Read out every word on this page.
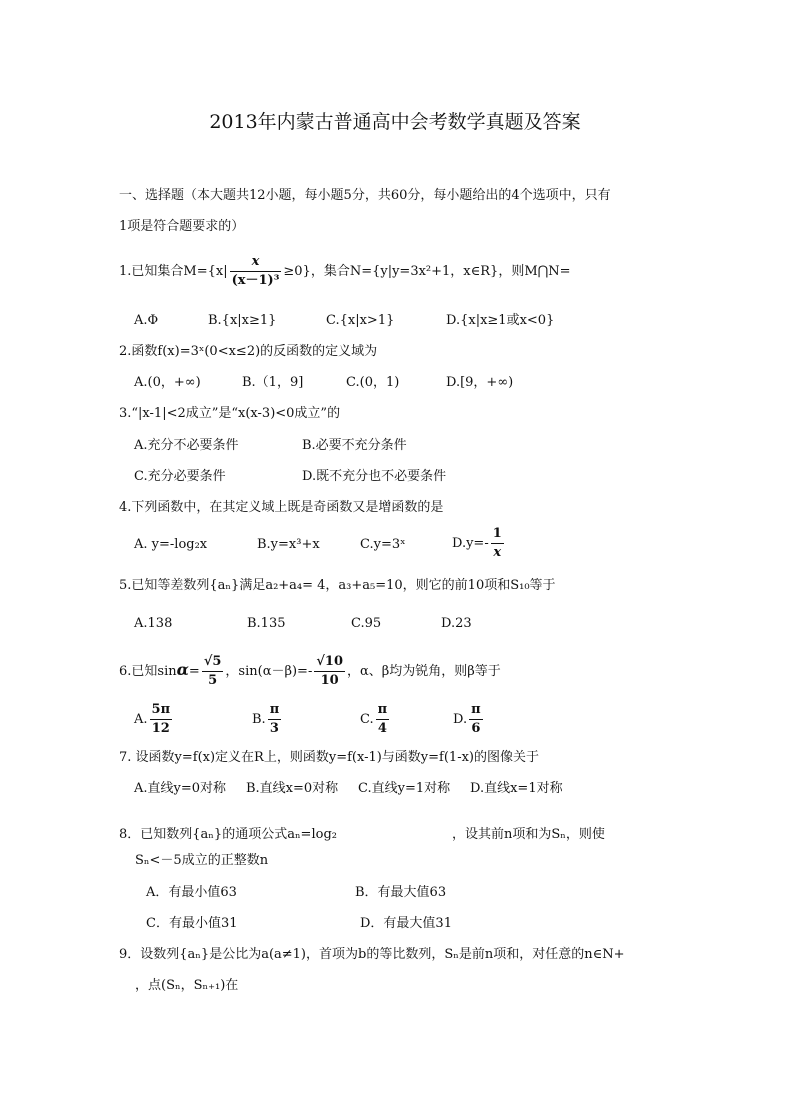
2013年内蒙古普通高中会考数学真题及答案
一、选择题（本大题共12小题，每小题5分，共60分，每小题给出的4个选项中，只有
1项是符合题要求的）
1.已知集合$M=\{x| \frac{x}{\text{(x－1)³}} \ge 0\}$，集合N={y|y=3x²+1，x∈R}，则M⋂N=
A.Φ	B.{x|x≥1}	C.{x|x>1}	D.{x|x≥1或x<0}
2.函数f(x)=3ˣ(0<x≤2)的反函数的定义域为
A.(0，+∞)	B.（1，9]	C.(0，1)	D.[9，+∞)
3.“|x-1|<2成立”是“x(x-3)<0成立”的
A.充分不必要条件	B.必要不充分条件
C.充分必要条件	D.既不充分也不必要条件
4.下列函数中，在其定义域上既是奇函数又是增函数的是
A. y=-log₂x	B.y=x³+x	C.y=3ˣ	$D.y=- \frac{1}{x}$
5.已知等差数列{aₙ}满足a₂+a₄= 4，a₃+a₅=10，则它的前10项和S₁₀等于
A.138	B.135	C.95	D.23
6.已知$\sin\alpha= \frac{√5}{5}$ ，$\sin(\alpha-\beta)=- \frac{√10}{10}$ ，α、β均为锐角，则β等于
A. $\frac{5\pi}{12}$	B. $\frac{\pi}{3}$	C. $\frac{\pi}{4}$	D. $\frac{\pi}{6}$
7. 设函数y=f(x)定义在R上，则函数y=f(x-1)与函数y=f(1-x)的图像关于
A.直线y=0对称 B.直线x=0对称 C.直线y=1对称 D.直线x=1对称
8．已知数列{aₙ}的通项公式aₙ=log₂	，设其前n项和为Sₙ，则使
Sₙ<－5成立的正整数n
A．有最小值63	B．有最大值63
C．有最小值31	D．有最大值31
9．设数列{aₙ}是公比为a(a≠1)，首项为b的等比数列，Sₙ是前n项和，对任意的n∈N+
，点(Sₙ，Sₙ₊₁)在
